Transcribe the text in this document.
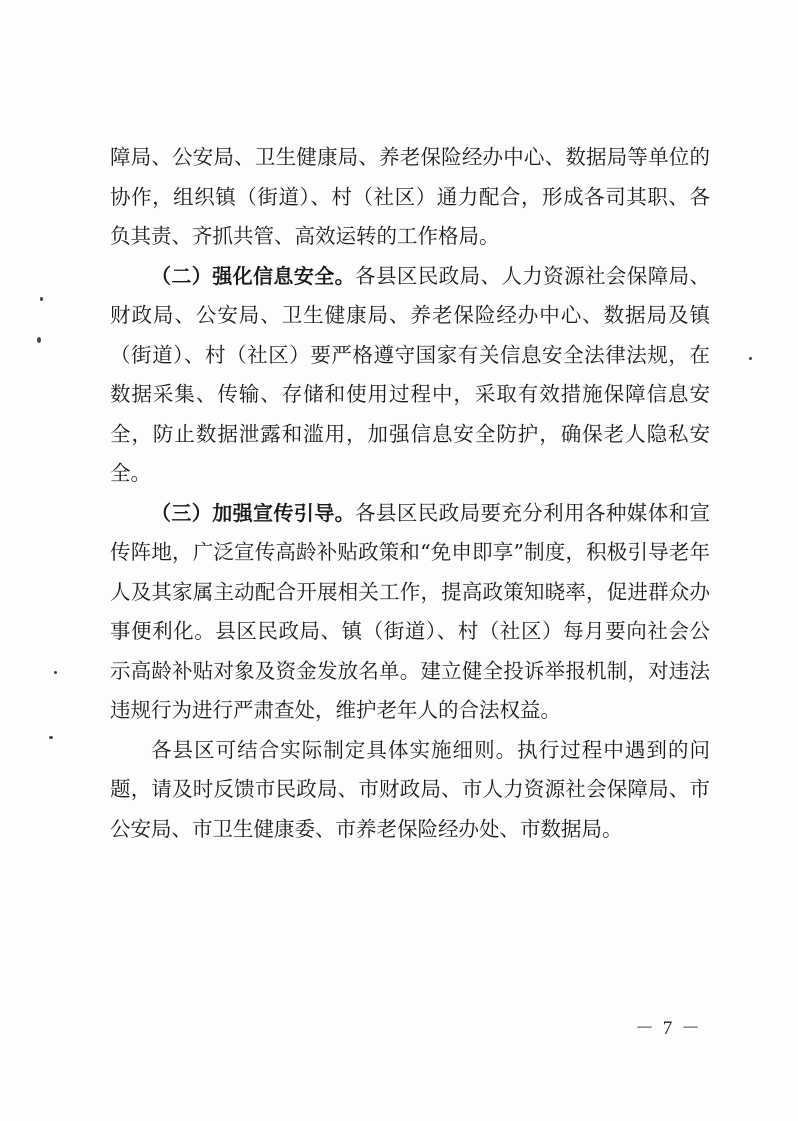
障局、公安局、卫生健康局、养老保险经办中心、数据局等单位的协作，组织镇（街道）、村（社区）通力配合，形成各司其职、各负其责、齐抓共管、高效运转的工作格局。

（二）强化信息安全。各县区民政局、人力资源社会保障局、财政局、公安局、卫生健康局、养老保险经办中心、数据局及镇（街道）、村（社区）要严格遵守国家有关信息安全法律法规，在数据采集、传输、存储和使用过程中，采取有效措施保障信息安全，防止数据泄露和滥用，加强信息安全防护，确保老人隐私安全。

（三）加强宣传引导。各县区民政局要充分利用各种媒体和宣传阵地，广泛宣传高龄补贴政策和“免申即享”制度，积极引导老年人及其家属主动配合开展相关工作，提高政策知晓率，促进群众办事便利化。县区民政局、镇（街道）、村（社区）每月要向社会公示高龄补贴对象及资金发放名单。建立健全投诉举报机制，对违法违规行为进行严肃查处，维护老年人的合法权益。

各县区可结合实际制定具体实施细则。执行过程中遇到的问题，请及时反馈市民政局、市财政局、市人力资源社会保障局、市公安局、市卫生健康委、市养老保险经办处、市数据局。

－ 7 －
